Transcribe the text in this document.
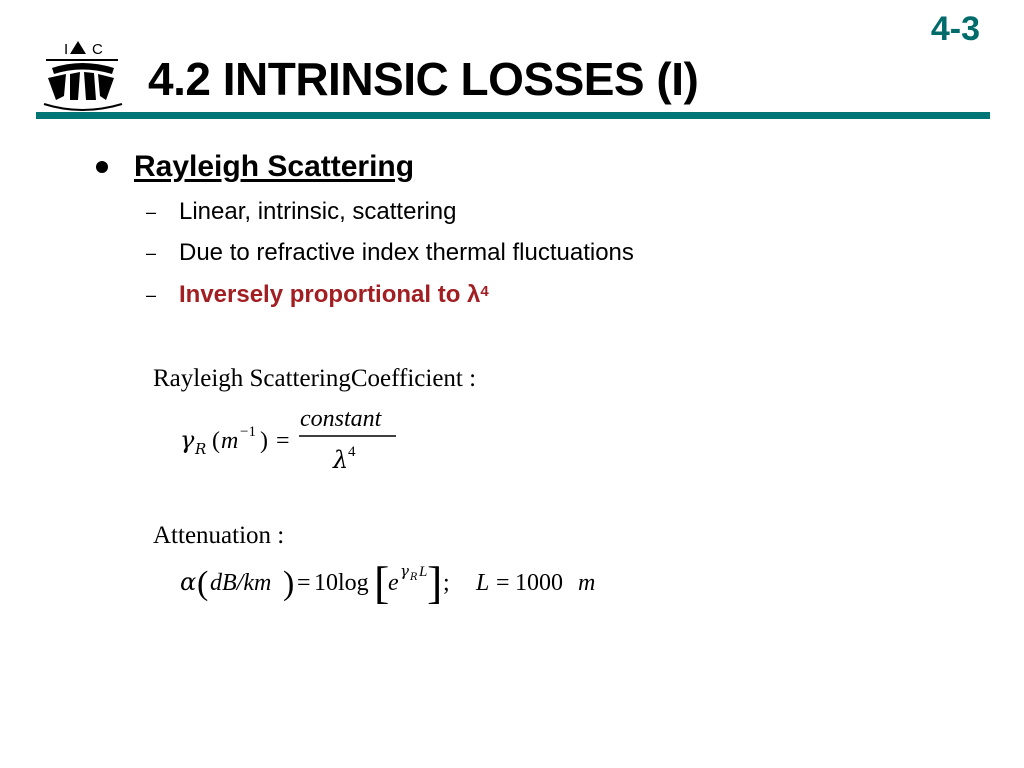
4-3
I C
4.2 INTRINSIC LOSSES (I)
Rayleigh Scattering
– Linear, intrinsic, scattering
– Due to refractive index thermal fluctuations
– Inversely proportional to $\lambda^4$
Rayleigh ScatteringCoefficient :
γ R ( m −1 ) =
constant
λ 4
Attenuation :
α ( dB/km ) = 10 log [
e γ R L ] ; L = 1000 m
